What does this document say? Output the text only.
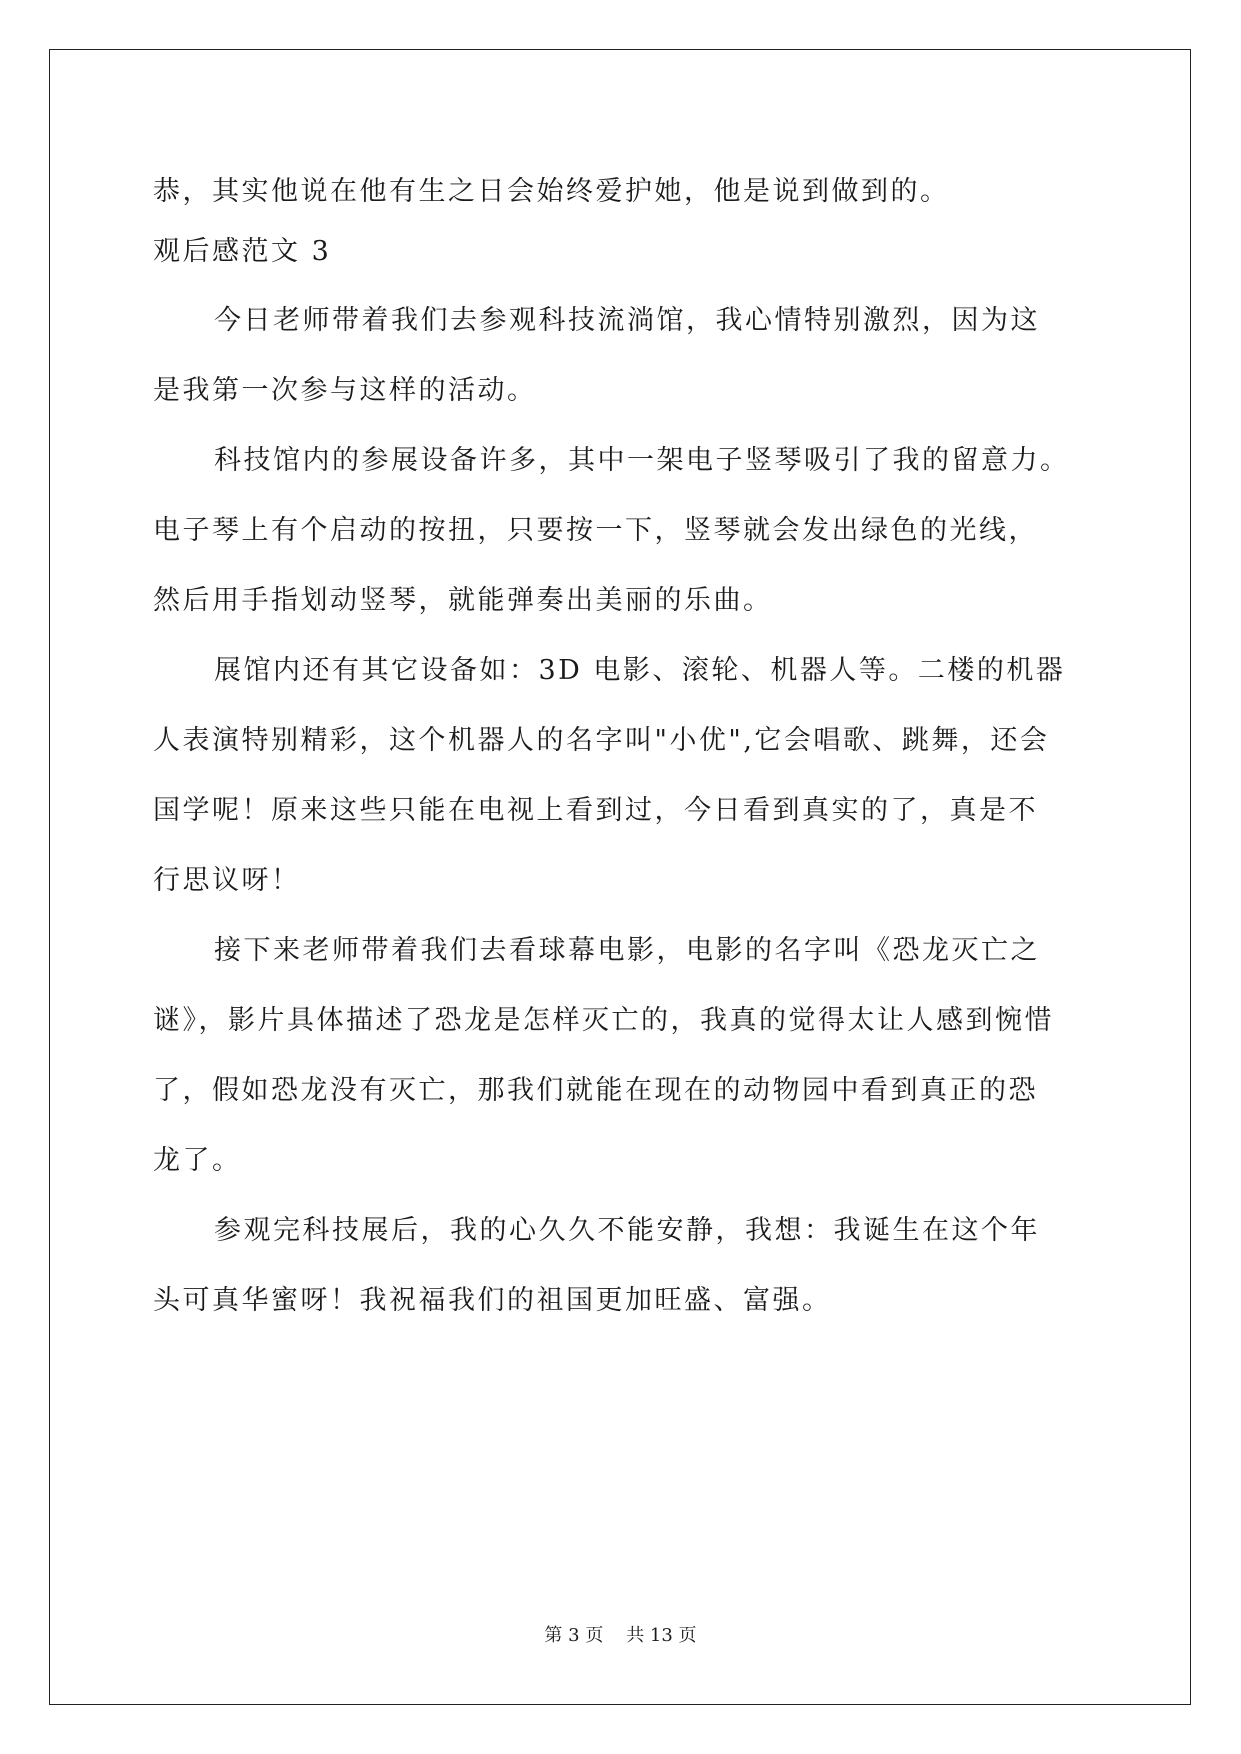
恭，其实他说在他有生之日会始终爱护她，他是说到做到的。
观后感范文 3
今日老师带着我们去参观科技流淌馆，我心情特别激烈，因为这
是我第一次参与这样的活动。
科技馆内的参展设备许多，其中一架电子竖琴吸引了我的留意力。
电子琴上有个启动的按扭，只要按一下，竖琴就会发出绿色的光线，
然后用手指划动竖琴，就能弹奏出美丽的乐曲。
展馆内还有其它设备如：3D 电影、滚轮、机器人等。二楼的机器
人表演特别精彩，这个机器人的名字叫"小优",它会唱歌、跳舞，还会
国学呢！原来这些只能在电视上看到过，今日看到真实的了，真是不
行思议呀！
接下来老师带着我们去看球幕电影，电影的名字叫《恐龙灭亡之
谜》，影片具体描述了恐龙是怎样灭亡的，我真的觉得太让人感到惋惜
了，假如恐龙没有灭亡，那我们就能在现在的动物园中看到真正的恐
龙了。
参观完科技展后，我的心久久不能安静，我想：我诞生在这个年
头可真华蜜呀！我祝福我们的祖国更加旺盛、富强。
第 3 页    共 13 页
